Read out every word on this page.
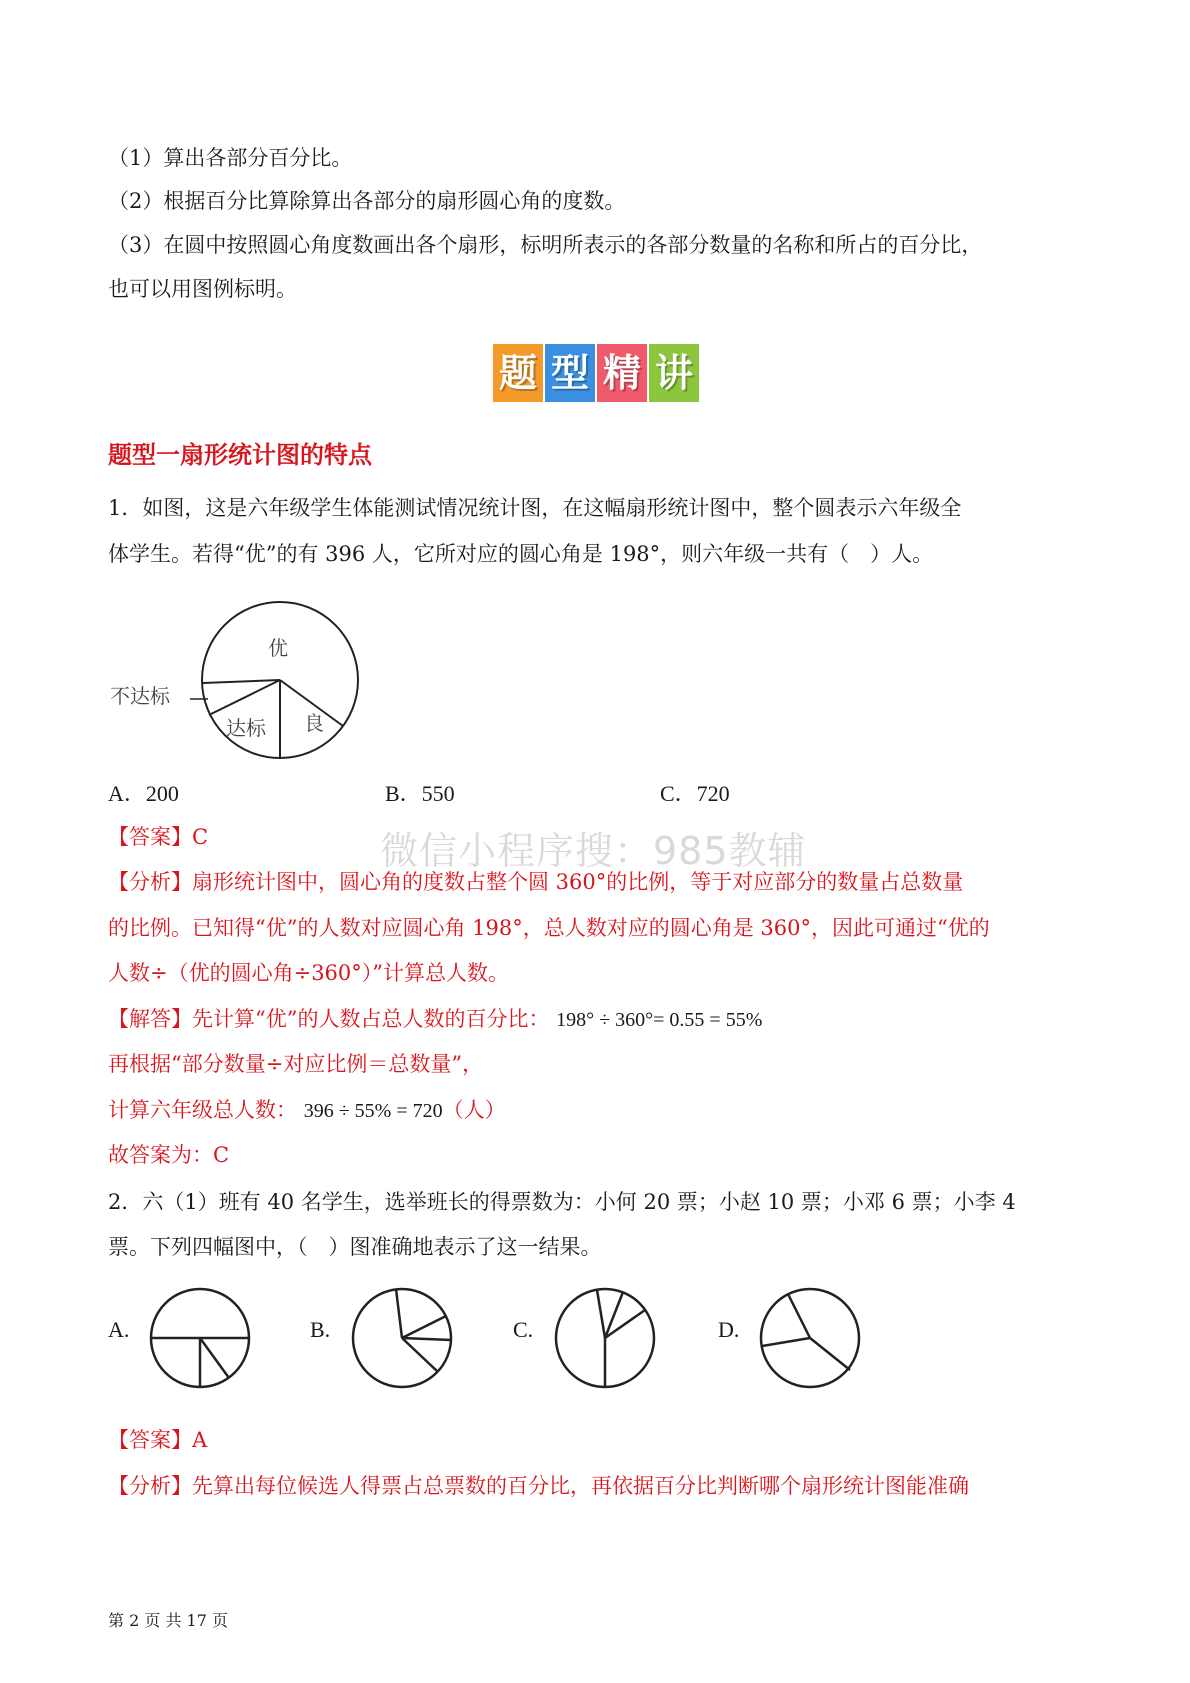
（1）算出各部分百分比。
（2）根据百分比算除算出各部分的扇形圆心角的度数。
（3）在圆中按照圆心角度数画出各个扇形，标明所表示的各部分数量的名称和所占的百分比，
也可以用图例标明。
题 型 精 讲
题型一扇形统计图的特点
1．如图，这是六年级学生体能测试情况统计图，在这幅扇形统计图中，整个圆表示六年级全
体学生。若得“优”的有 396 人，它所对应的圆心角是 198°，则六年级一共有（　）人。
优
良
达标
不达标
A．200	B．550	C．720
微信小程序搜：985教辅
【答案】C
【分析】扇形统计图中，圆心角的度数占整个圆 360°的比例，等于对应部分的数量占总数量
的比例。已知得“优”的人数对应圆心角 198°，总人数对应的圆心角是 360°，因此可通过“优的
人数÷（优的圆心角÷360°）”计算总人数。
【解答】先计算“优”的人数占总人数的百分比： 198° ÷ 360°= 0.55 = 55%
再根据“部分数量÷对应比例＝总数量”，
计算六年级总人数： 396 ÷ 55% = 720（人）
故答案为：C
2．六（1）班有 40 名学生，选举班长的得票数为：小何 20 票；小赵 10 票；小邓 6 票；小李 4
票。下列四幅图中，（　）图准确地表示了这一结果。
A.	B.	C.	D.
【答案】A
【分析】先算出每位候选人得票占总票数的百分比，再依据百分比判断哪个扇形统计图能准确
第 2 页 共 17 页
